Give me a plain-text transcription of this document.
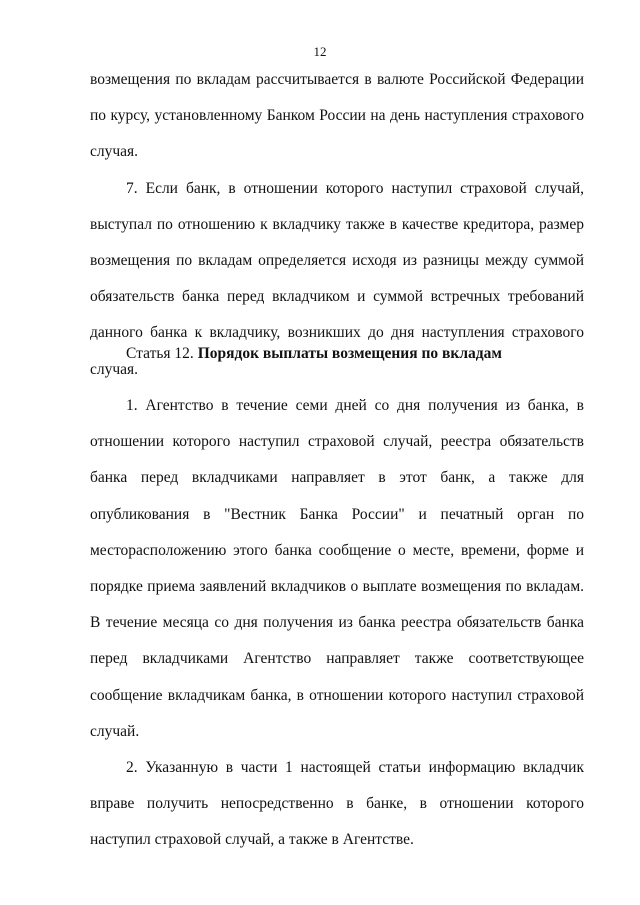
12

возмещения по вкладам рассчитывается в валюте Российской Федерации по курсу, установленному Банком России на день наступления страхового случая.

7. Если банк, в отношении которого наступил страховой случай, выступал по отношению к вкладчику также в качестве кредитора, размер возмещения по вкладам определяется исходя из разницы между суммой обязательств банка перед вкладчиком и суммой встречных требований данного банка к вкладчику, возникших до дня наступления страхового случая.

Статья 12. Порядок выплаты возмещения по вкладам

1. Агентство в течение семи дней со дня получения из банка, в отношении которого наступил страховой случай, реестра обязательств банка перед вкладчиками направляет в этот банк, а также для опубликования в "Вестник Банка России" и печатный орган по месторасположению этого банка сообщение о месте, времени, форме и порядке приема заявлений вкладчиков о выплате возмещения по вкладам. В течение месяца со дня получения из банка реестра обязательств банка перед вкладчиками Агентство направляет также соответствующее сообщение вкладчикам банка, в отношении которого наступил страховой случай.

2. Указанную в части 1 настоящей статьи информацию вкладчик вправе получить непосредственно в банке, в отношении которого наступил страховой случай, а также в Агентстве.
